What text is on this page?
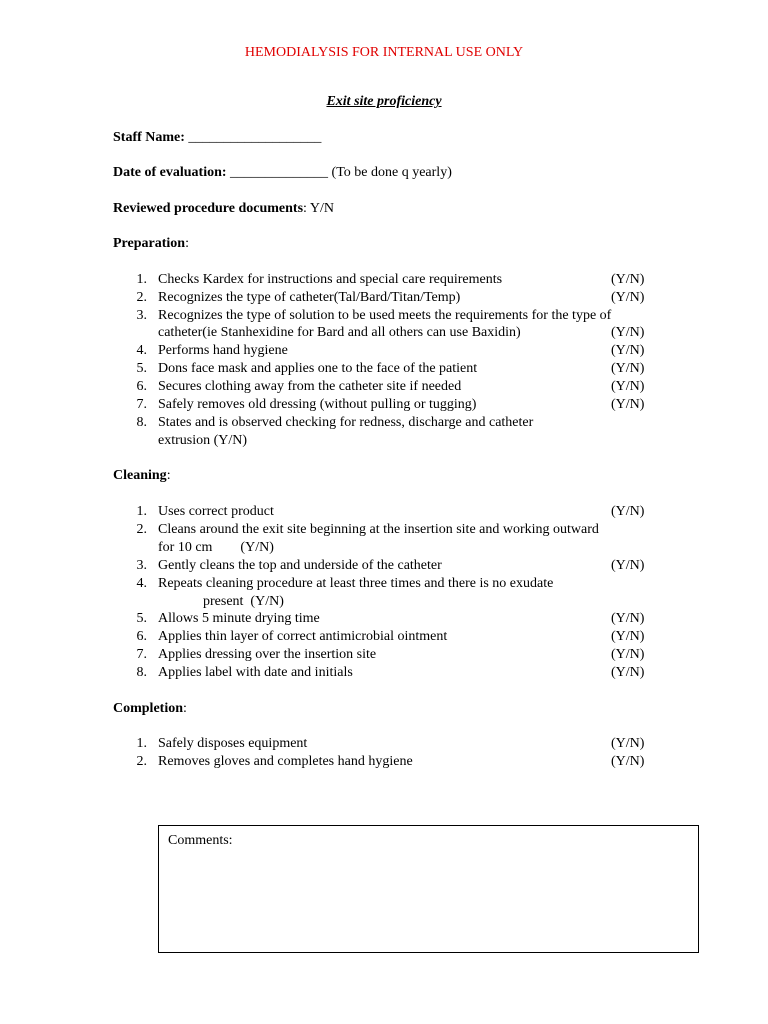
HEMODIALYSIS FOR INTERNAL USE ONLY
Exit site proficiency
Staff Name: ___________________
Date of evaluation: ______________ (To be done q yearly)
Reviewed procedure documents: Y/N
Preparation:
1. Checks Kardex for instructions and special care requirements	(Y/N)
2. Recognizes the type of catheter(Tal/Bard/Titan/Temp)	(Y/N)
3. Recognizes the type of solution to be used meets the requirements for the type of
catheter(ie Stanhexidine for Bard and all others can use Baxidin)	(Y/N)
4. Performs hand hygiene	(Y/N)
5. Dons face mask and applies one to the face of the patient	(Y/N)
6. Secures clothing away from the catheter site if needed	(Y/N)
7. Safely removes old dressing (without pulling or tugging)	(Y/N)
8. States and is observed checking for redness, discharge and catheter
extrusion (Y/N)
Cleaning:
1. Uses correct product	(Y/N)
2. Cleans around the exit site beginning at the insertion site and working outward
for 10 cm        (Y/N)
3. Gently cleans the top and underside of the catheter	(Y/N)
4. Repeats cleaning procedure at least three times and there is no exudate
present  (Y/N)
5. Allows 5 minute drying time	(Y/N)
6. Applies thin layer of correct antimicrobial ointment	(Y/N)
7. Applies dressing over the insertion site	(Y/N)
8. Applies label with date and initials	(Y/N)
Completion:
1. Safely disposes equipment	(Y/N)
2. Removes gloves and completes hand hygiene	(Y/N)
Comments:
